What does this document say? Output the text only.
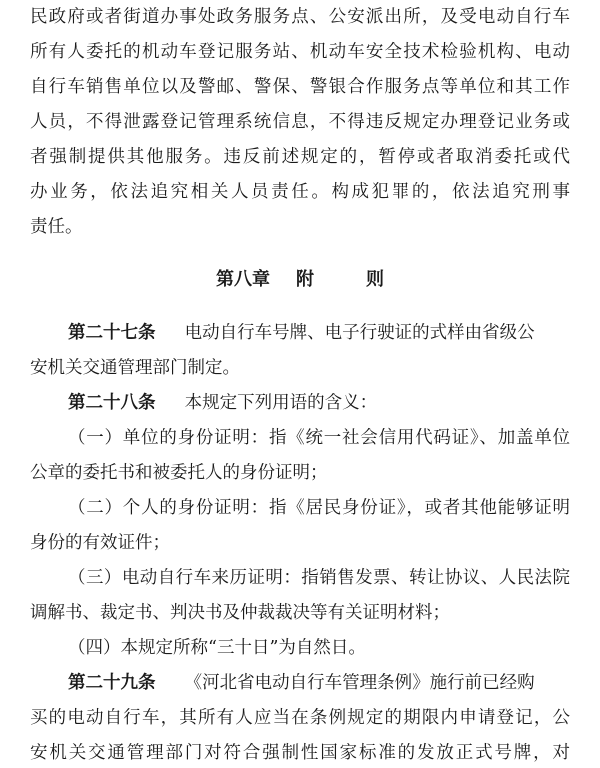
民政府或者街道办事处政务服务点、公安派出所，及受电动自行车
所有人委托的机动车登记服务站、机动车安全技术检验机构、电动
自行车销售单位以及警邮、警保、警银合作服务点等单位和其工作
人员，不得泄露登记管理系统信息，不得违反规定办理登记业务或
者强制提供其他服务。违反前述规定的，暂停或者取消委托或代
办业务，依法追究相关人员责任。构成犯罪的，依法追究刑事
责任。
第八章 附	则
第二十七条 电动自行车号牌、电子行驶证的式样由省级公
安机关交通管理部门制定。
第二十八条 本规定下列用语的含义：
（一）单位的身份证明：指《统一社会信用代码证》、加盖单位
公章的委托书和被委托人的身份证明；
（二）个人的身份证明：指《居民身份证》，或者其他能够证明
身份的有效证件；
（三）电动自行车来历证明：指销售发票、转让协议、人民法院
调解书、裁定书、判决书及仲裁裁决等有关证明材料；
（四）本规定所称“三十日”为自然日。
第二十九条 《河北省电动自行车管理条例》施行前已经购
买的电动自行车，其所有人应当在条例规定的期限内申请登记，公
安机关交通管理部门对符合强制性国家标准的发放正式号牌，对
